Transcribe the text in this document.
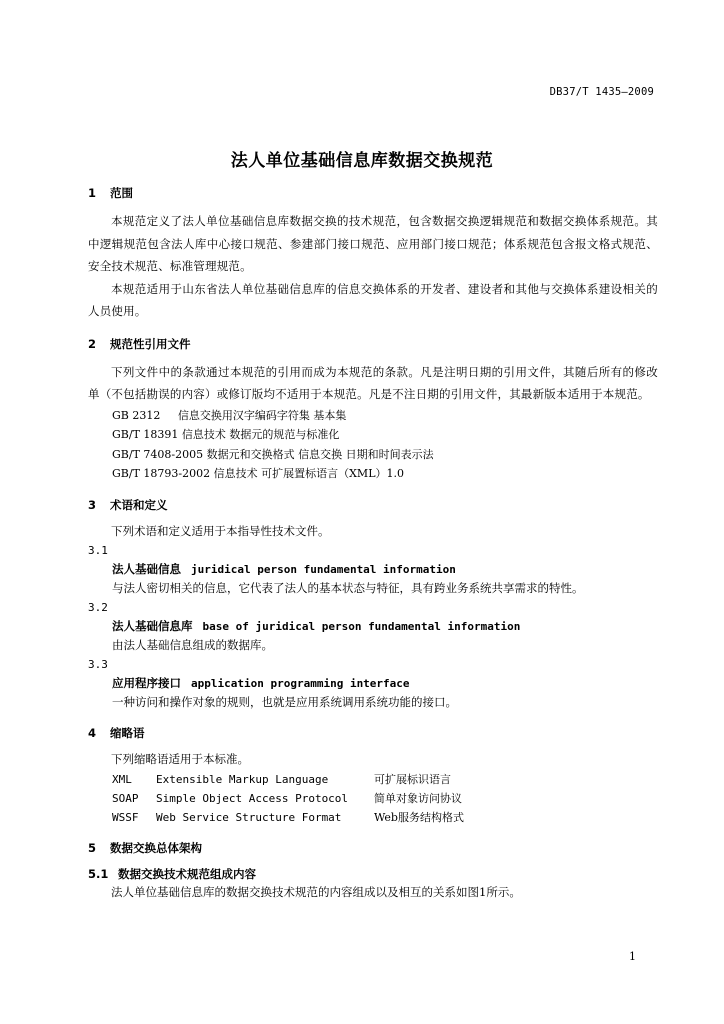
DB37/T 1435—2009
法人单位基础信息库数据交换规范
1 范围

本规范定义了法人单位基础信息库数据交换的技术规范，包含数据交换逻辑规范和数据交换体系规范。其中逻辑规范包含法人库中心接口规范、参建部门接口规范、应用部门接口规范；体系规范包含报文格式规范、安全技术规范、标准管理规范。

本规范适用于山东省法人单位基础信息库的信息交换体系的开发者、建设者和其他与交换体系建设相关的人员使用。

2 规范性引用文件

下列文件中的条款通过本规范的引用而成为本规范的条款。凡是注明日期的引用文件，其随后所有的修改单（不包括勘误的内容）或修订版均不适用于本规范。凡是不注日期的引用文件，其最新版本适用于本规范。

GB 2312     信息交换用汉字编码字符集 基本集

GB/T 18391 信息技术 数据元的规范与标准化

GB/T 7408-2005 数据元和交换格式 信息交换 日期和时间表示法

GB/T 18793-2002 信息技术 可扩展置标语言（XML）1.0

3 术语和定义

下列术语和定义适用于本指导性技术文件。

3.1

法人基础信息 juridical person fundamental information

与法人密切相关的信息，它代表了法人的基本状态与特征，具有跨业务系统共享需求的特性。

3.2

法人基础信息库 base of juridical person fundamental information

由法人基础信息组成的数据库。

3.3

应用程序接口 application programming interface

一种访问和操作对象的规则，也就是应用系统调用系统功能的接口。

4 缩略语

下列缩略语适用于本标准。

XML	Extensible Markup Language	可扩展标识语言
SOAP	Simple Object Access Protocol	简单对象访问协议
WSSF	Web Service Structure Format	Web服务结构格式
5 数据交换总体架构
5.1 数据交换技术规范组成内容

法人单位基础信息库的数据交换技术规范的内容组成以及相互的关系如图1所示。

1
